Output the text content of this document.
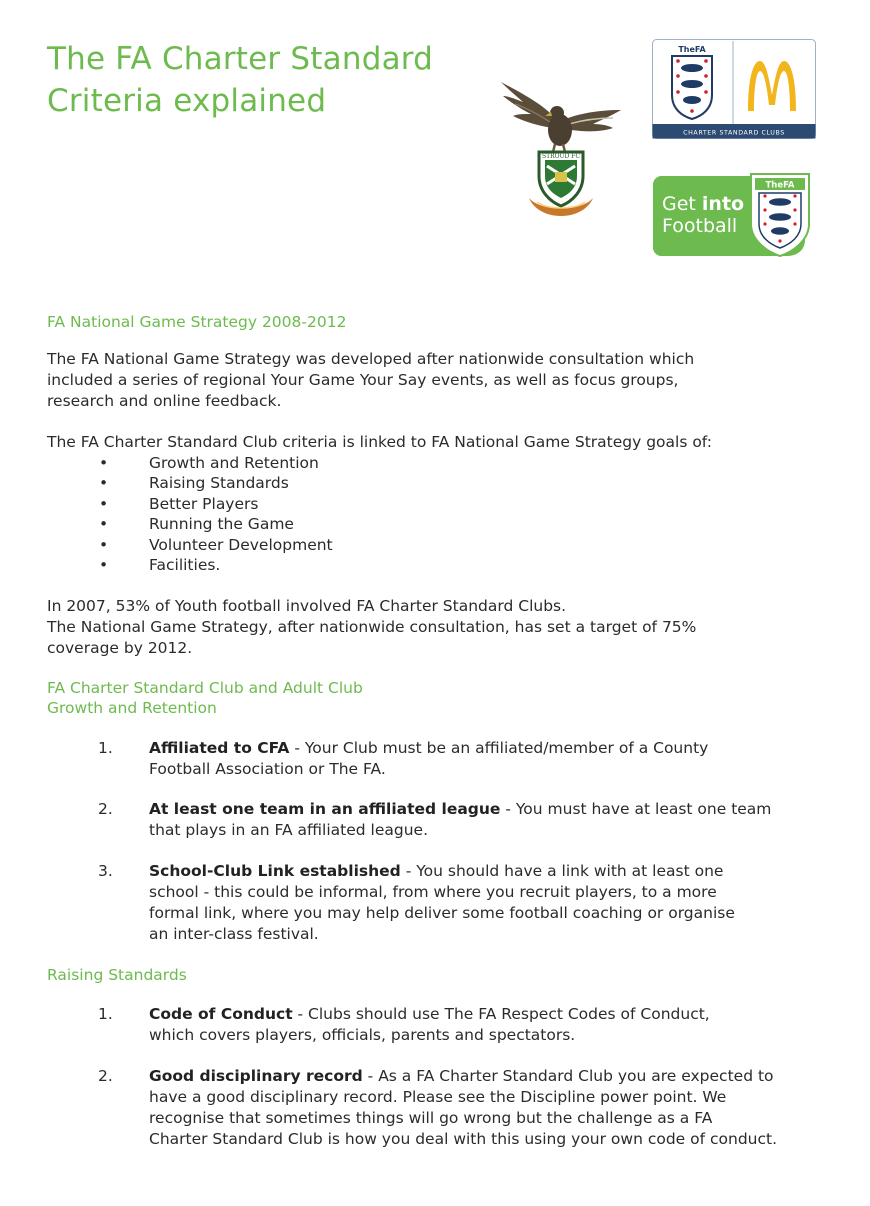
The FA Charter Standard
Criteria explained
STROUD FC
TheFA
CHARTER STANDARD CLUBS
Get into
Football
TheFA
FA National Game Strategy 2008-2012

The FA National Game Strategy was developed after nationwide consultation which
included a series of regional Your Game Your Say events, as well as focus groups,
research and online feedback.

The FA Charter Standard Club criteria is linked to FA National Game Strategy goals of:

•	Growth and Retention
•	Raising Standards
•	Better Players
•	Running the Game
•	Volunteer Development
•	Facilities.

In 2007, 53% of Youth football involved FA Charter Standard Clubs.
The National Game Strategy, after nationwide consultation, has set a target of 75%
coverage by 2012.

FA Charter Standard Club and Adult Club
Growth and Retention
1. Affiliated to CFA - Your Club must be an affiliated/member of a County
Football Association or The FA.
2. At least one team in an affiliated league - You must have at least one team
that plays in an FA affiliated league.
3. School-Club Link established - You should have a link with at least one
school - this could be informal, from where you recruit players, to a more
formal link, where you may help deliver some football coaching or organise
an inter-class festival.
Raising Standards
1. Code of Conduct - Clubs should use The FA Respect Codes of Conduct,
which covers players, officials, parents and spectators.
2. Good disciplinary record - As a FA Charter Standard Club you are expected to
have a good disciplinary record. Please see the Discipline power point. We
recognise that sometimes things will go wrong but the challenge as a FA
Charter Standard Club is how you deal with this using your own code of conduct.
